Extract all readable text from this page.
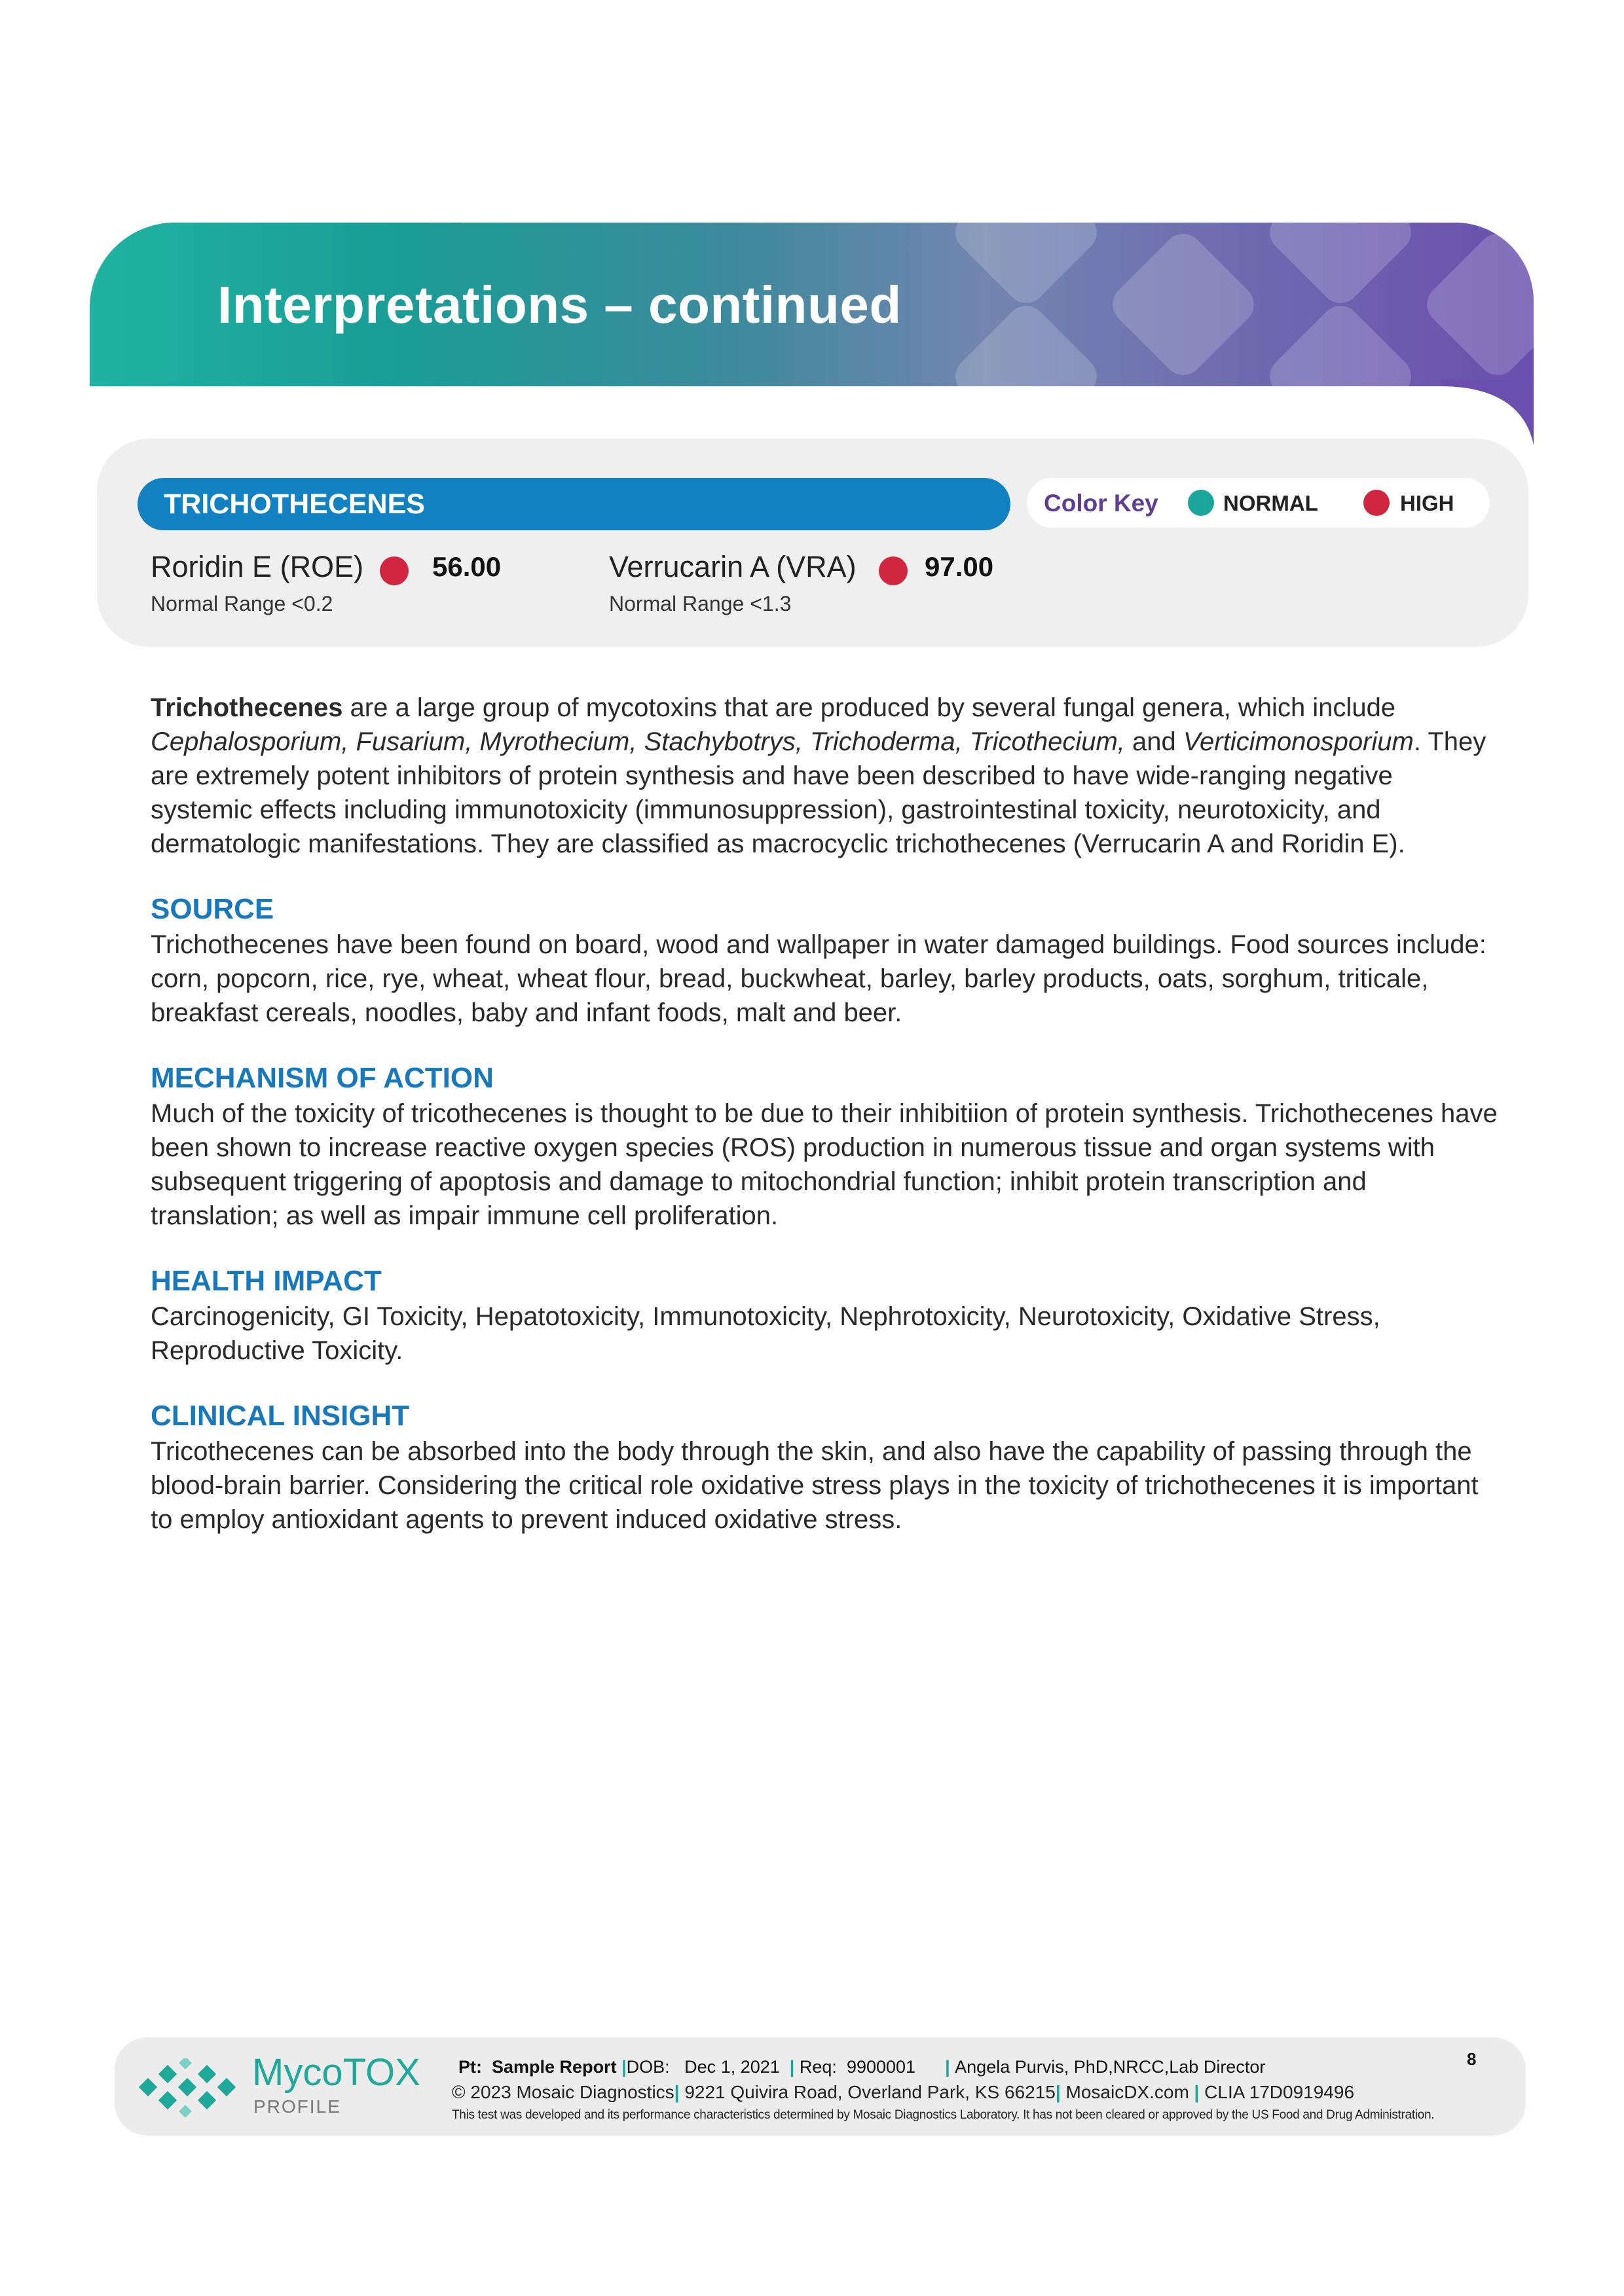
Interpretations – continued
TRICHOTHECENES	Color Key	NORMAL	HIGH
Roridin E (ROE) 56.00
Normal Range <0.2
Verrucarin A (VRA) 97.00
Normal Range <1.3

Trichothecenes are a large group of mycotoxins that are produced by several fungal genera, which include Cephalosporium, Fusarium, Myrothecium, Stachybotrys, Trichoderma, Tricothecium, and Verticimonosporium. They are extremely potent inhibitors of protein synthesis and have been described to have wide-ranging negative systemic effects including immunotoxicity (immunosuppression), gastrointestinal toxicity, neurotoxicity, and dermatologic manifestations. They are classified as macrocyclic trichothecenes (Verrucarin A and Roridin E).

SOURCE

Trichothecenes have been found on board, wood and wallpaper in water damaged buildings. Food sources include: corn, popcorn, rice, rye, wheat, wheat flour, bread, buckwheat, barley, barley products, oats, sorghum, triticale, breakfast cereals, noodles, baby and infant foods, malt and beer.

MECHANISM OF ACTION

Much of the toxicity of tricothecenes is thought to be due to their inhibitiion of protein synthesis. Trichothecenes have been shown to increase reactive oxygen species (ROS) production in numerous tissue and organ systems with subsequent triggering of apoptosis and damage to mitochondrial function; inhibit protein transcription and translation; as well as impair immune cell proliferation.

HEALTH IMPACT

Carcinogenicity, GI Toxicity, Hepatotoxicity, Immunotoxicity, Nephrotoxicity, Neurotoxicity, Oxidative Stress, Reproductive Toxicity.

CLINICAL INSIGHT

Tricothecenes can be absorbed into the body through the skin, and also have the capability of passing through the blood-brain barrier. Considering the critical role oxidative stress plays in the toxicity of trichothecenes it is important to employ antioxidant agents to prevent induced oxidative stress.

MycoTOX
PROFILE
Pt: Sample Report |DOB: Dec 1, 2021 | Req: 9900001 | Angela Purvis, PhD,NRCC,Lab Director
© 2023 Mosaic Diagnostics| 9221 Quivira Road, Overland Park, KS 66215| MosaicDX.com | CLIA 17D0919496
This test was developed and its performance characteristics determined by Mosaic Diagnostics Laboratory. It has not been cleared or approved by the US Food and Drug Administration.
8
